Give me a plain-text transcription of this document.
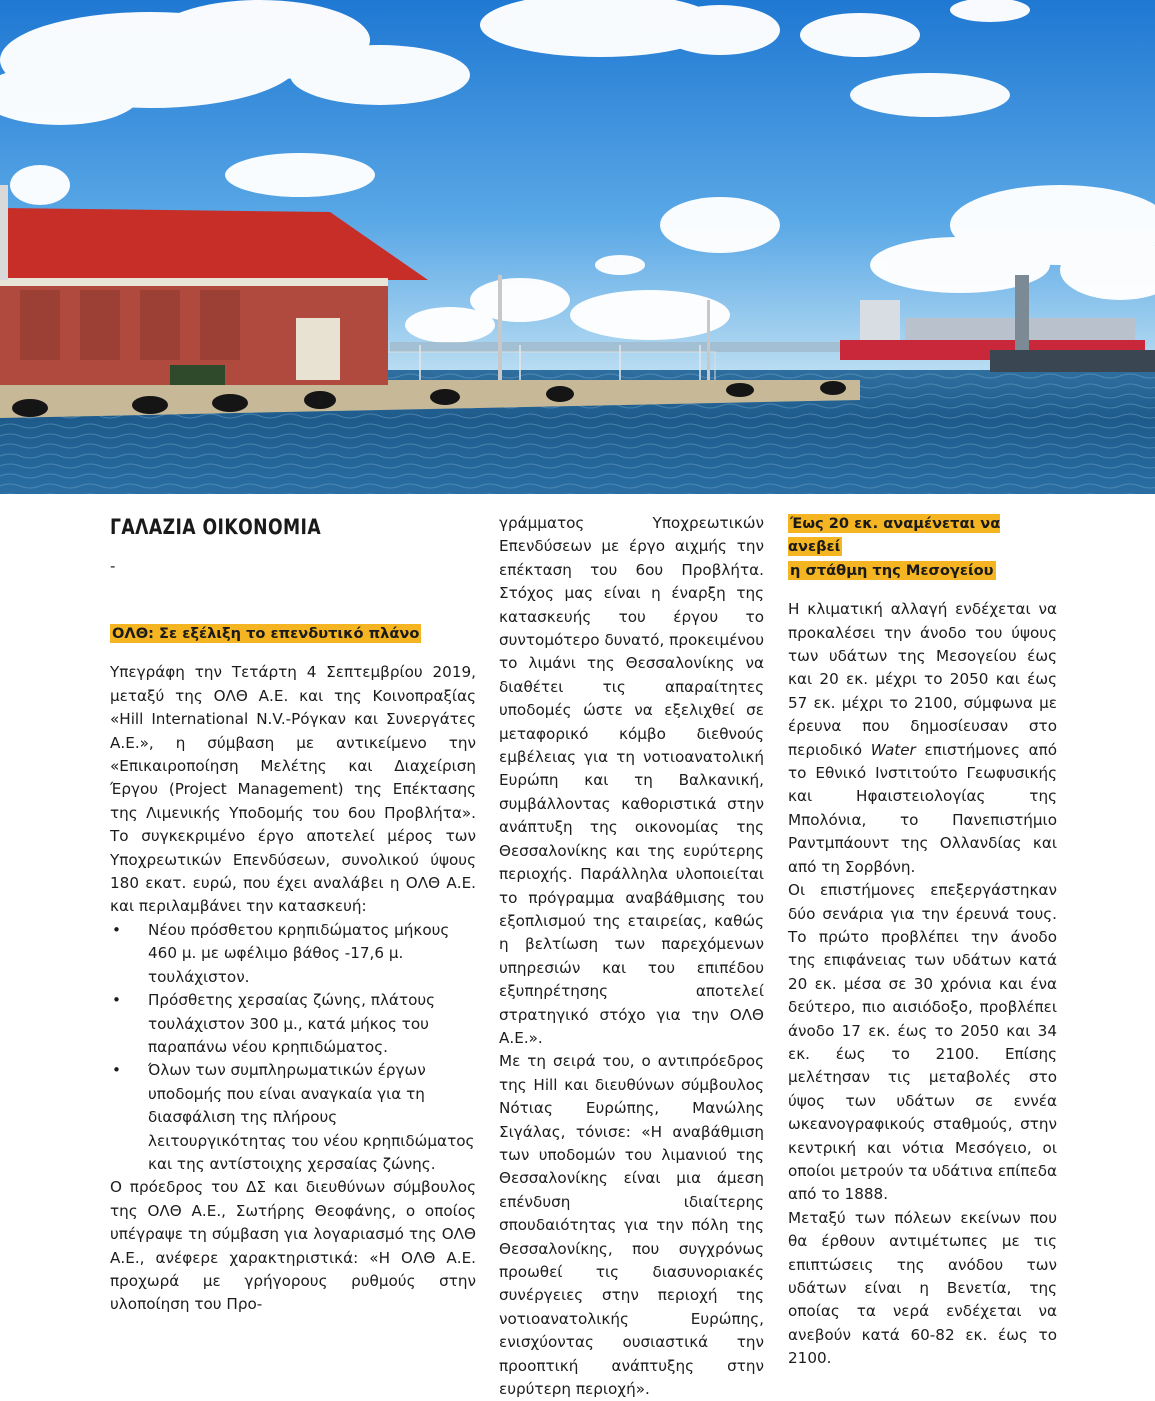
ΓΑΛΑΖΙΑ ΟΙΚΟΝΟΜΙΑ
-
ΟΛΘ: Σε εξέλιξη το επενδυτικό πλάνο

Υπεγράφη την Τετάρτη 4 Σεπτεμβρίου 2019, μεταξύ της ΟΛΘ Α.Ε. και της Κοινοπραξίας «Hill International N.V.-Ρόγκαν και Συνεργάτες Α.Ε.», η σύμβαση με αντικείμενο την «Επικαιροποίηση Μελέτης και Διαχείριση Έργου (Project Management) της Επέκτασης της Λιμενικής Υποδομής του 6ου Προβλήτα». Το συγκεκριμένο έργο αποτελεί μέρος των Υποχρεωτικών Επενδύσεων, συνολικού ύψους 180 εκατ. ευρώ, που έχει αναλάβει η ΟΛΘ Α.Ε. και περιλαμβάνει την κατασκευή:

• Νέου πρόσθετου κρηπιδώματος μήκους 460 μ. με ωφέλιμο βάθος -17,6 μ. τουλάχιστον.
• Πρόσθετης χερσαίας ζώνης, πλάτους τουλάχιστον 300 μ., κατά μήκος του παραπάνω νέου κρηπιδώματος.
• Όλων των συμπληρωματικών έργων υποδομής που είναι αναγκαία για τη διασφάλιση της πλήρους λειτουργικότητας του νέου κρηπιδώματος και της αντίστοιχης χερσαίας ζώνης.

Ο πρόεδρος του ΔΣ και διευθύνων σύμβουλος της ΟΛΘ Α.Ε., Σωτήρης Θεοφάνης, ο οποίος υπέγραψε τη σύμβαση για λογαριασμό της ΟΛΘ Α.Ε., ανέφερε χαρακτηριστικά: «Η ΟΛΘ Α.Ε. προχωρά με γρήγορους ρυθμούς στην υλοποίηση του Προ-

γράμματος Υποχρεωτικών Επενδύσεων με έργο αιχμής την επέκταση του 6ου Προβλήτα. Στόχος μας είναι η έναρξη της κατασκευής του έργου το συντομότερο δυνατό, προκειμένου το λιμάνι της Θεσσαλονίκης να διαθέτει τις απαραίτητες υποδομές ώστε να εξελιχθεί σε μεταφορικό κόμβο διεθνούς εμβέλειας για τη νοτιοανατολική Ευρώπη και τη Βαλκανική, συμβάλλοντας καθοριστικά στην ανάπτυξη της οικονομίας της Θεσσαλονίκης και της ευρύτερης περιοχής. Παράλληλα υλοποιείται το πρόγραμμα αναβάθμισης του εξοπλισμού της εταιρείας, καθώς η βελτίωση των παρεχόμενων υπηρεσιών και του επιπέδου εξυπηρέτησης αποτελεί στρατηγικό στόχο για την ΟΛΘ Α.Ε.».

Με τη σειρά του, ο αντιπρόεδρος της Hill και διευθύνων σύμβουλος Νότιας Ευρώπης, Μανώλης Σιγάλας, τόνισε: «Η αναβάθμιση των υποδομών του λιμανιού της Θεσσαλονίκης είναι μια άμεση επένδυση ιδιαίτερης σπουδαιότητας για την πόλη της Θεσσαλονίκης, που συγχρόνως προωθεί τις διασυνοριακές συνέργειες στην περιοχή της νοτιοανατολικής Ευρώπης, ενισχύοντας ουσιαστικά την προοπτική ανάπτυξης στην ευρύτερη περιοχή».

Έως 20 εκ. αναμένεται να ανεβεί
η στάθμη της Μεσογείου

Η κλιματική αλλαγή ενδέχεται να προκαλέσει την άνοδο του ύψους των υδάτων της Μεσογείου έως και 20 εκ. μέχρι το 2050 και έως 57 εκ. μέχρι το 2100, σύμφωνα με έρευνα που δημοσίευσαν στο περιοδικό Water επιστήμονες από το Εθνικό Ινστιτούτο Γεωφυσικής και Ηφαιστειολογίας της Μπολόνια, το Πανεπιστήμιο Ραντμπάουντ της Ολλανδίας και από τη Σορβόνη.

Οι επιστήμονες επεξεργάστηκαν δύο σενάρια για την έρευνά τους. Το πρώτο προβλέπει την άνοδο της επιφάνειας των υδάτων κατά 20 εκ. μέσα σε 30 χρόνια και ένα δεύτερο, πιο αισιόδοξο, προβλέπει άνοδο 17 εκ. έως το 2050 και 34 εκ. έως το 2100. Επίσης μελέτησαν τις μεταβολές στο ύψος των υδάτων σε εννέα ωκεανογραφικούς σταθμούς, στην κεντρική και νότια Μεσόγειο, οι οποίοι μετρούν τα υδάτινα επίπεδα από το 1888.

Μεταξύ των πόλεων εκείνων που θα έρθουν αντιμέτωπες με τις επιπτώσεις της ανόδου των υδάτων είναι η Βενετία, της οποίας τα νερά ενδέχεται να ανεβούν κατά 60-82 εκ. έως το 2100.
